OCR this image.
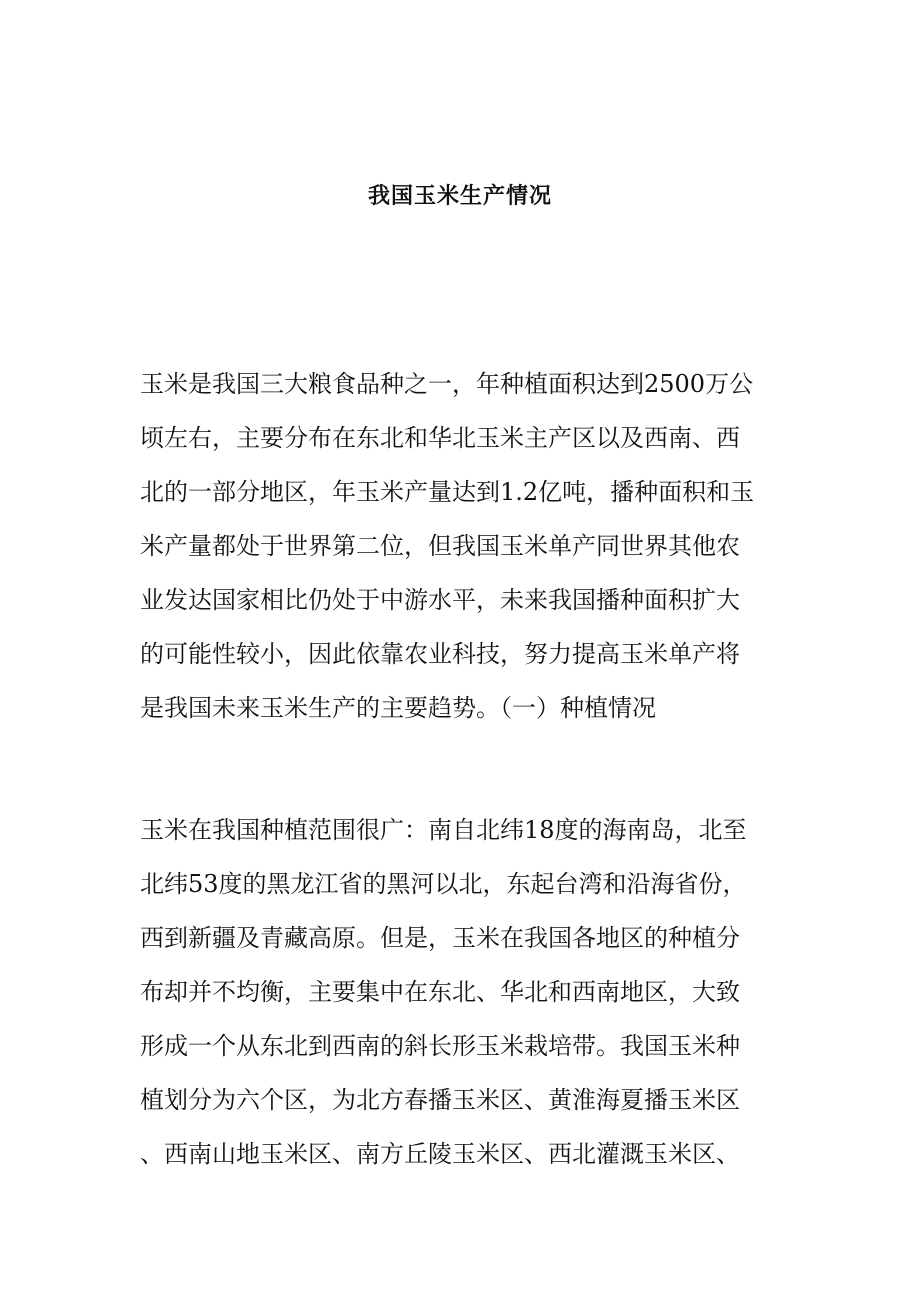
我国玉米生产情况
玉米是我国三大粮食品种之一，年种植面积达到2500万公
顷左右，主要分布在东北和华北玉米主产区以及西南、西
北的一部分地区，年玉米产量达到1.2亿吨，播种面积和玉
米产量都处于世界第二位，但我国玉米单产同世界其他农
业发达国家相比仍处于中游水平，未来我国播种面积扩大
的可能性较小，因此依靠农业科技，努力提高玉米单产将
是我国未来玉米生产的主要趋势。（一）种植情况
玉米在我国种植范围很广：南自北纬18度的海南岛，北至
北纬53度的黑龙江省的黑河以北，东起台湾和沿海省份，
西到新疆及青藏高原。但是，玉米在我国各地区的种植分
布却并不均衡，主要集中在东北、华北和西南地区，大致
形成一个从东北到西南的斜长形玉米栽培带。我国玉米种
植划分为六个区，为北方春播玉米区、黄淮海夏播玉米区
、西南山地玉米区、南方丘陵玉米区、西北灌溉玉米区、
